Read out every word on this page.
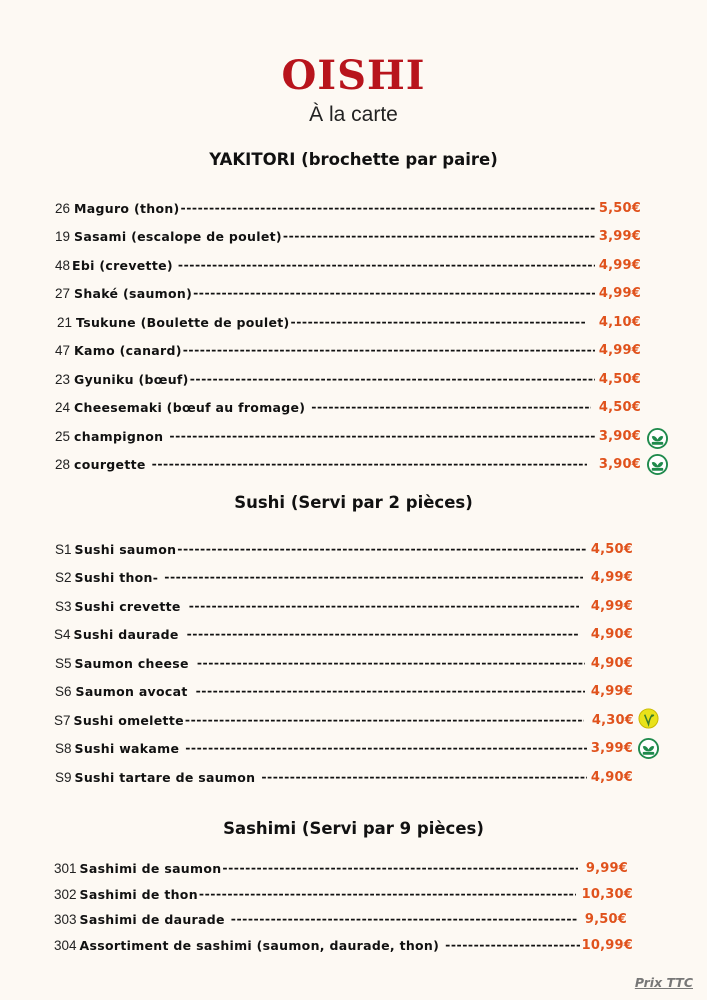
OISHI
À la carte
YAKITORI (brochette par paire)
26 Maguro (thon) -----	5,50€
19 Sasami (escalope de poulet) -----	3,99€
48 Ebi (crevette) -----	4,99€
27 Shaké (saumon) -----	4,99€
21 Tsukune (Boulette de poulet) -----	4,10€
47 Kamo (canard) -----	4,99€
23 Gyuniku (bœuf) -----	4,50€
24 Cheesemaki (bœuf au fromage) -----	4,50€
25 champignon -----	3,90€
28 courgette -----	3,90€
Sushi (Servi par 2 pièces)
S1 Sushi saumon -----	4,50€
S2 Sushi thon- -----	4,99€
S3 Sushi crevette -----	4,99€
S4 Sushi daurade -----	4,90€
S5 Saumon cheese -----	4,90€
S6 Saumon avocat -----	4,99€
S7 Sushi omelette -----	4,30€
S8 Sushi wakame -----	3,99€
S9 Sushi tartare de saumon -----	4,90€
Sashimi (Servi par 9 pièces)
301 Sashimi de saumon -----	9,99€
302 Sashimi de thon -----	10,30€
303 Sashimi de daurade -----	9,50€
304 Assortiment de sashimi (saumon, daurade, thon) -----	10,99€
Prix TTC
